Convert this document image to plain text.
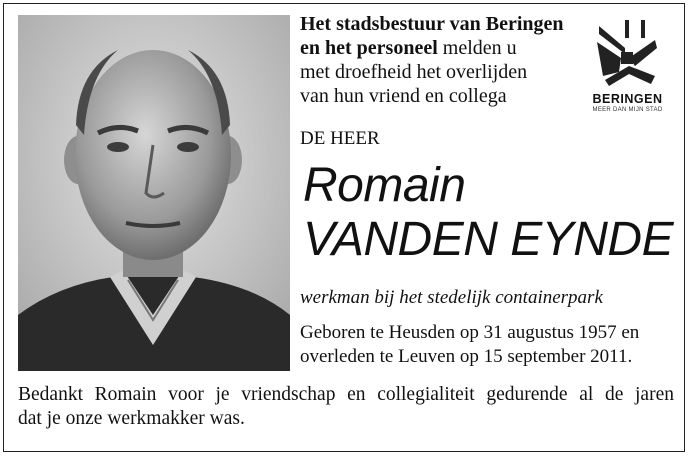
Het stadsbestuur van Beringen
en het personeel melden u
met droefheid het overlijden
van hun vriend en collega	BERINGEN
MEER DAN MIJN STAD
DE HEER
Romain
VANDEN EYNDE
werkman bij het stedelijk containerpark
Geboren te Heusden op 31 augustus 1957 en
overleden te Leuven op 15 september 2011.
Bedankt Romain voor je vriendschap en collegialiteit gedurende al de jaren
dat je onze werkmakker was.
